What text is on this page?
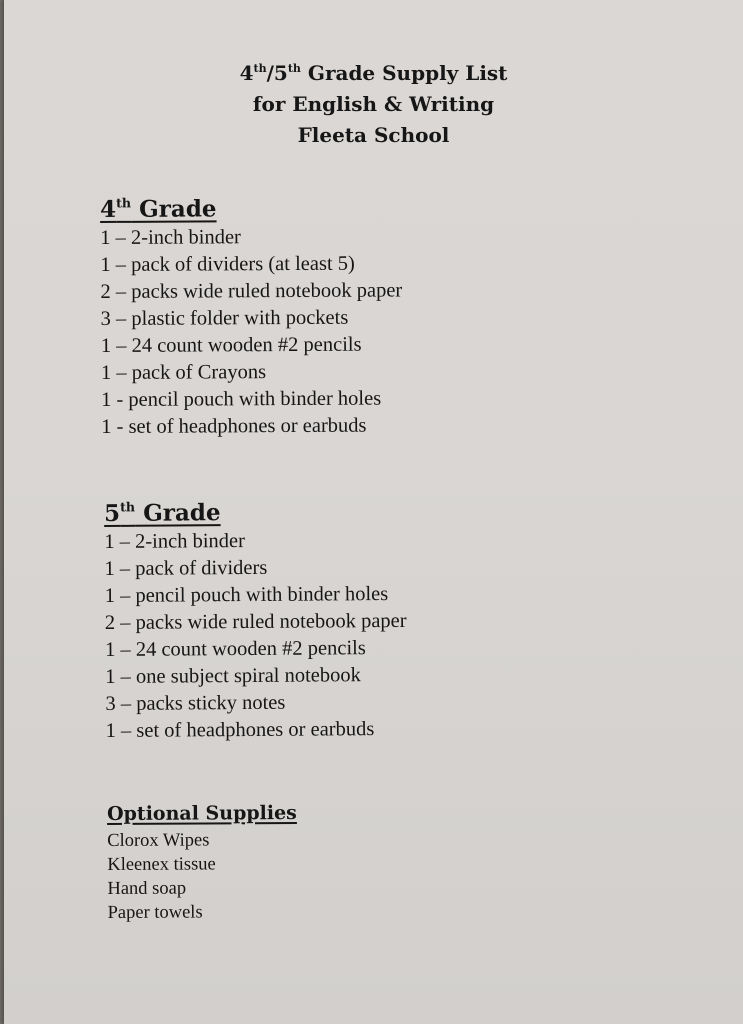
4th/5th Grade Supply List
for English & Writing
Fleeta School
4th Grade
1 – 2-inch binder
1 – pack of dividers (at least 5)
2 – packs wide ruled notebook paper
3 – plastic folder with pockets
1 – 24 count wooden #2 pencils
1 – pack of Crayons
1 - pencil pouch with binder holes
1 - set of headphones or earbuds
5th Grade
1 – 2-inch binder
1 – pack of dividers
1 – pencil pouch with binder holes
2 – packs wide ruled notebook paper
1 – 24 count wooden #2 pencils
1 – one subject spiral notebook
3 – packs sticky notes
1 – set of headphones or earbuds
Optional Supplies
Clorox Wipes
Kleenex tissue
Hand soap
Paper towels
